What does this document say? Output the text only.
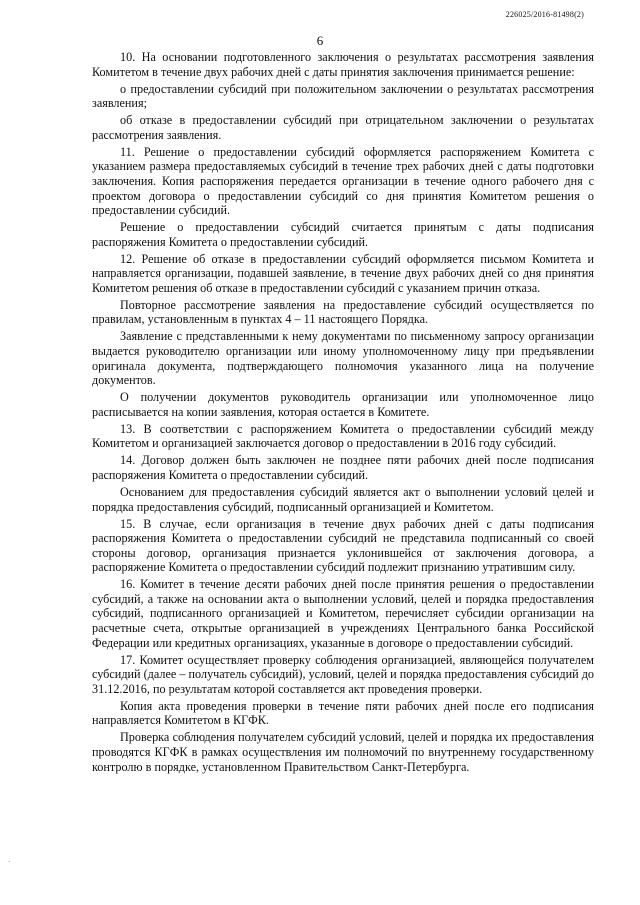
226025/2016-81498(2)
6

10. На основании подготовленного заключения о результатах рассмотрения заявления Комитетом в течение двух рабочих дней с даты принятия заключения принимается решение:

о предоставлении субсидий при положительном заключении о результатах рассмотрения заявления;

об отказе в предоставлении субсидий при отрицательном заключении о результатах рассмотрения заявления.

11. Решение о предоставлении субсидий оформляется распоряжением Комитета с указанием размера предоставляемых субсидий в течение трех рабочих дней с даты подготовки заключения. Копия распоряжения передается организации в течение одного рабочего дня с проектом договора о предоставлении субсидий со дня принятия Комитетом решения о предоставлении субсидий.

Решение о предоставлении субсидий считается принятым с даты подписания распоряжения Комитета о предоставлении субсидий.

12. Решение об отказе в предоставлении субсидий оформляется письмом Комитета и направляется организации, подавшей заявление, в течение двух рабочих дней со дня принятия Комитетом решения об отказе в предоставлении субсидий с указанием причин отказа.

Повторное рассмотрение заявления на предоставление субсидий осуществляется по правилам, установленным в пунктах 4 – 11 настоящего Порядка.

Заявление с представленными к нему документами по письменному запросу организации выдается руководителю организации или иному уполномоченному лицу при предъявлении оригинала документа, подтверждающего полномочия указанного лица на получение документов.

О получении документов руководитель организации или уполномоченное лицо расписывается на копии заявления, которая остается в Комитете.

13. В соответствии с распоряжением Комитета о предоставлении субсидий между Комитетом и организацией заключается договор о предоставлении в 2016 году субсидий.

14. Договор должен быть заключен не позднее пяти рабочих дней после подписания распоряжения Комитета о предоставлении субсидий.

Основанием для предоставления субсидий является акт о выполнении условий целей и порядка предоставления субсидий, подписанный организацией и Комитетом.

15. В случае, если организация в течение двух рабочих дней с даты подписания распоряжения Комитета о предоставлении субсидий не представила подписанный со своей стороны договор, организация признается уклонившейся от заключения договора, а распоряжение Комитета о предоставлении субсидий подлежит признанию утратившим силу.

16. Комитет в течение десяти рабочих дней после принятия решения о предоставлении субсидий, а также на основании акта о выполнении условий, целей и порядка предоставления субсидий, подписанного организацией и Комитетом, перечисляет субсидии организации на расчетные счета, открытые организацией в учреждениях Центрального банка Российской Федерации или кредитных организациях, указанные в договоре о предоставлении субсидий.

17. Комитет осуществляет проверку соблюдения организацией, являющейся получателем субсидий (далее – получатель субсидий), условий, целей и порядка предоставления субсидий до 31.12.2016, по результатам которой составляется акт проведения проверки.

Копия акта проведения проверки в течение пяти рабочих дней после его подписания направляется Комитетом в КГФК.

Проверка соблюдения получателем субсидий условий, целей и порядка их предоставления проводятся КГФК в рамках осуществления им полномочий по внутреннему государственному контролю в порядке, установленном Правительством Санкт-Петербурга.

·
